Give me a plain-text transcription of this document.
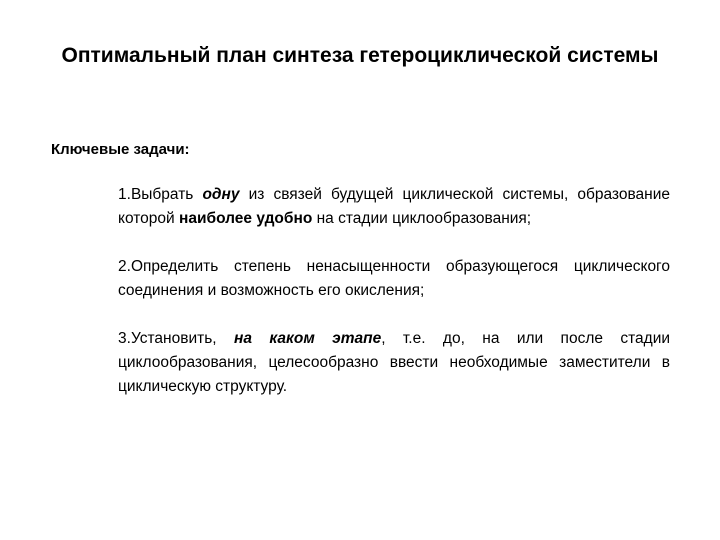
Оптимальный план синтеза гетероциклической системы
Ключевые задачи:

1.Выбрать одну из связей будущей циклической системы, образование которой наиболее удобно на стадии циклообразования;

2.Определить степень ненасыщенности образующегося циклического соединения и возможность его окисления;

3.Установить, на каком этапе, т.е. до, на или после стадии циклообразования, целесообразно ввести необходимые заместители в циклическую структуру.
